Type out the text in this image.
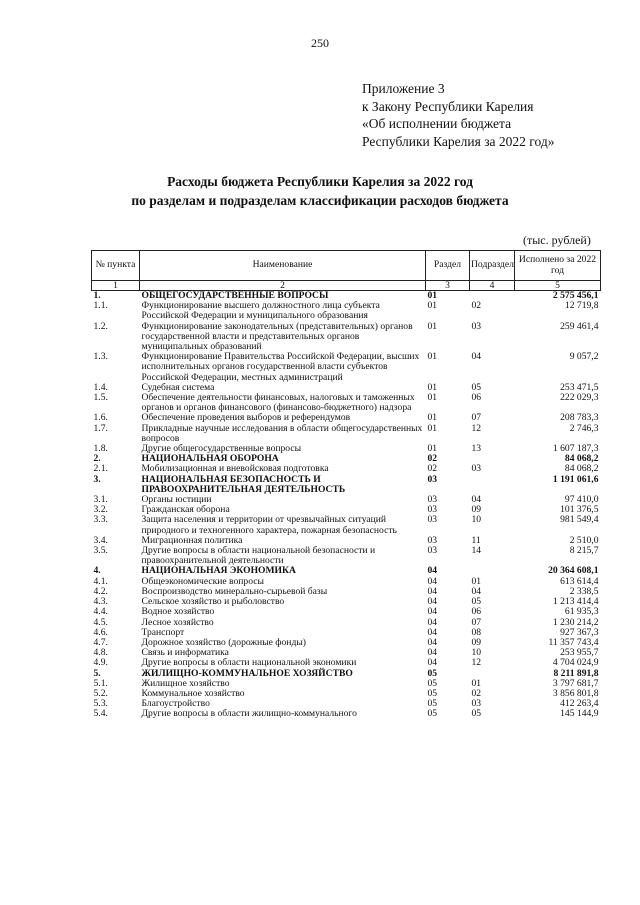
250
Приложение 3
к Закону Республики Карелия
«Об исполнении бюджета
Республики Карелия за 2022 год»
Расходы бюджета Республики Карелия за 2022 год
по разделам и подразделам классификации расходов бюджета
(тыс. рублей)
№ пункта	Наименование	Раздел	Подраздел	Исполнено за 2022 год
1	2	3	4	5
1.	ОБЩЕГОСУДАРСТВЕННЫЕ ВОПРОСЫ	01		2 575 456,1
1.1.	Функционирование высшего должностного лица субъекта Российской Федерации и муниципального образования	01	02	12 719,8
1.2.	Функционирование законодательных (представительных) органов государственной власти и представительных органов муниципальных образований	01	03	259 461,4
1.3.	Функционирование Правительства Российской Федерации, высших исполнительных органов государственной власти субъектов Российской Федерации, местных администраций	01	04	9 057,2
1.4.	Судебная система	01	05	253 471,5
1.5.	Обеспечение деятельности финансовых, налоговых и таможенных органов и органов финансового (финансово-бюджетного) надзора	01	06	222 029,3
1.6.	Обеспечение проведения выборов и референдумов	01	07	208 783,3
1.7.	Прикладные научные исследования в области общегосударственных вопросов	01	12	2 746,3
1.8.	Другие общегосударственные вопросы	01	13	1 607 187,3
2.	НАЦИОНАЛЬНАЯ ОБОРОНА	02		84 068,2
2.1.	Мобилизационная и вневойсковая подготовка	02	03	84 068,2
3.	НАЦИОНАЛЬНАЯ БЕЗОПАСНОСТЬ И ПРАВООХРАНИТЕЛЬНАЯ ДЕЯТЕЛЬНОСТЬ	03		1 191 061,6
3.1.	Органы юстиции	03	04	97 410,0
3.2.	Гражданская оборона	03	09	101 376,5
3.3.	Защита населения и территории от чрезвычайных ситуаций природного и техногенного характера, пожарная безопасность	03	10	981 549,4
3.4.	Миграционная политика	03	11	2 510,0
3.5.	Другие вопросы в области национальной безопасности и правоохранительной деятельности	03	14	8 215,7
4.	НАЦИОНАЛЬНАЯ ЭКОНОМИКА	04		20 364 608,1
4.1.	Общеэкономические вопросы	04	01	613 614,4
4.2.	Воспроизводство минерально-сырьевой базы	04	04	2 338,5
4.3.	Сельское хозяйство и рыболовство	04	05	1 213 414,4
4.4.	Водное хозяйство	04	06	61 935,3
4.5.	Лесное хозяйство	04	07	1 230 214,2
4.6.	Транспорт	04	08	927 367,3
4.7.	Дорожное хозяйство (дорожные фонды)	04	09	11 357 743,4
4.8.	Связь и информатика	04	10	253 955,7
4.9.	Другие вопросы в области национальной экономики	04	12	4 704 024,9
5.	ЖИЛИЩНО-КОММУНАЛЬНОЕ ХОЗЯЙСТВО	05		8 211 891,8
5.1.	Жилищное хозяйство	05	01	3 797 681,7
5.2.	Коммунальное хозяйство	05	02	3 856 801,8
5.3.	Благоустройство	05	03	412 263,4
5.4.	Другие вопросы в области жилищно-коммунального	05	05	145 144,9
